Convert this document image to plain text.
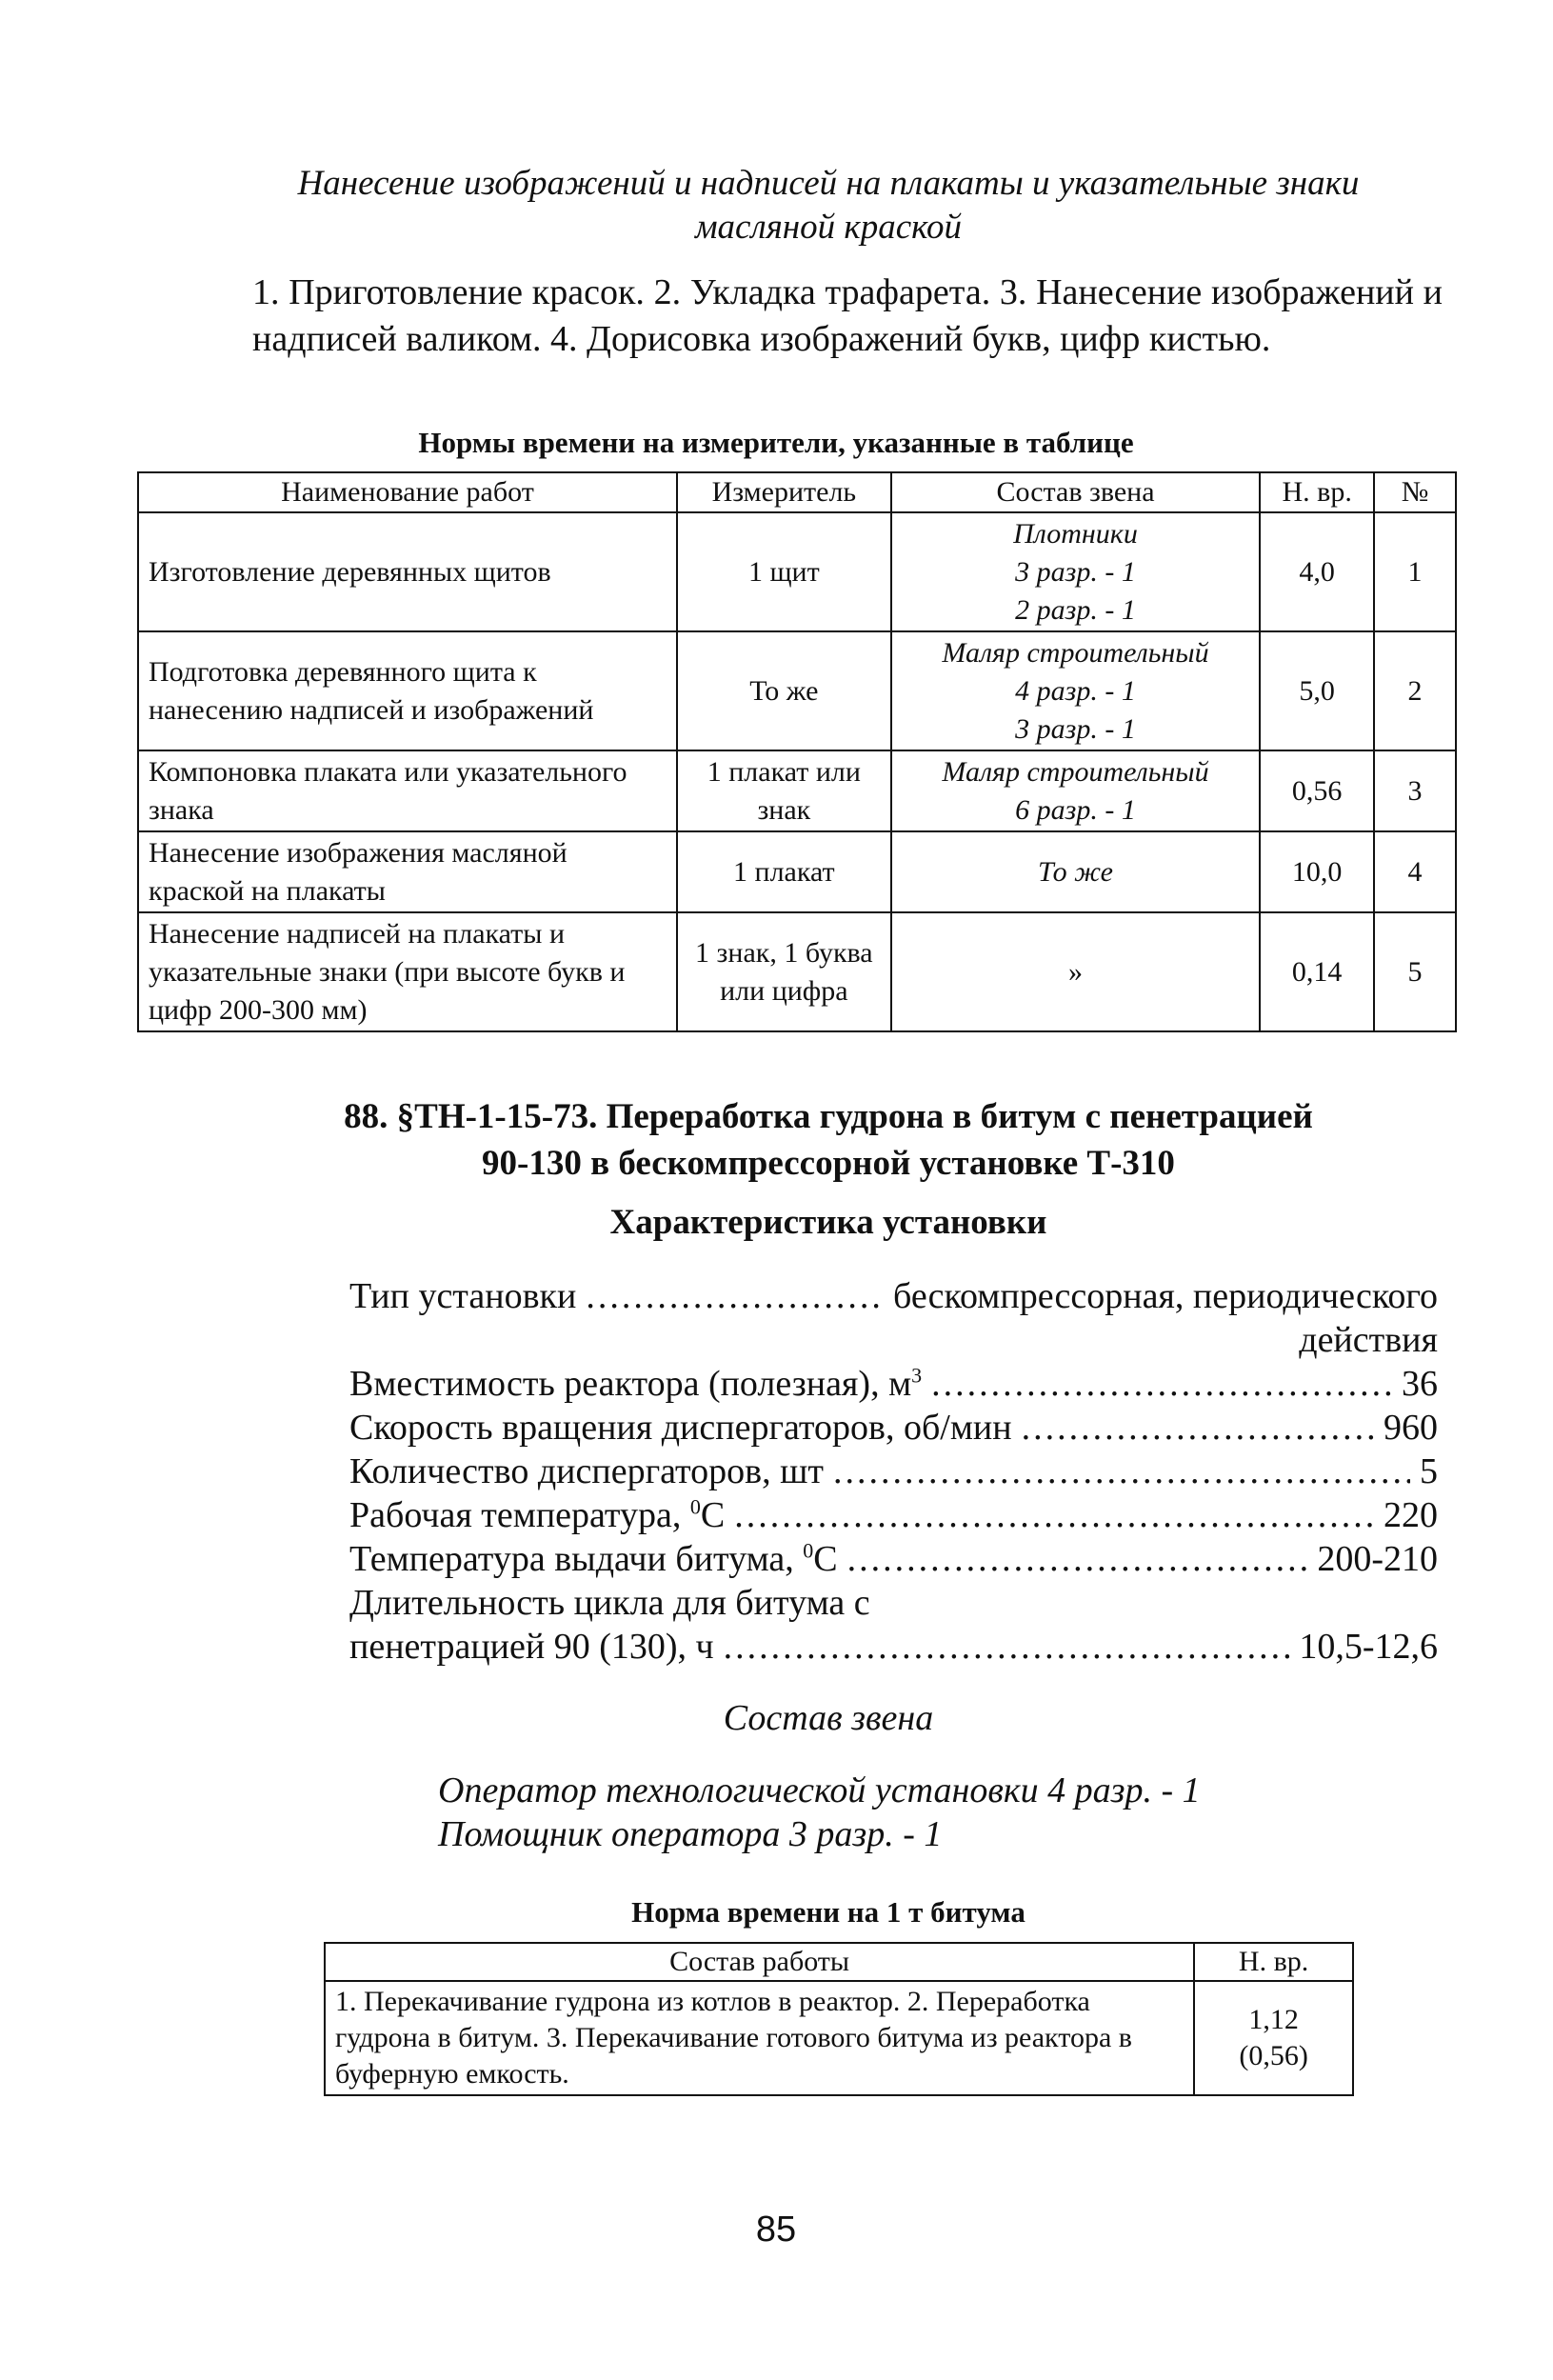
Нанесение изображений и надписей на плакаты и указательные знаки масляной краской
1. Приготовление красок. 2. Укладка трафарета. 3. Нанесение изображений и надписей валиком. 4. Дорисовка изображений букв, цифр кистью.
Нормы времени на измерители, указанные в таблице
Наименование работ	Измеритель	Состав звена	Н. вр.	№
Изготовление деревянных щитов	1 щит	Плотники
3 разр. - 1
2 разр. - 1	4,0	1
Подготовка деревянного щита к нанесению надписей и изображений	То же	Маляр строительный
4 разр. - 1
3 разр. - 1	5,0	2
Компоновка плаката или указательного знака	1 плакат или знак	Маляр строительный
6 разр. - 1	0,56	3
Нанесение изображения масляной краской на плакаты	1 плакат	То же	10,0	4
Нанесение надписей на плакаты и указательные знаки (при высоте букв и цифр 200-300 мм)	1 знак, 1 буква или цифра	»	0,14	5
88. §ТН-1-15-73. Переработка гудрона в битум с пенетрацией
90-130 в бескомпрессорной установке Т-310
Характеристика установки
Тип установки .....	бескомпрессорная, периодического
действия
Вместимость реактора (полезная), $м^3$ .....	36
Скорость вращения диспергаторов, об/мин .....	960
Количество диспергаторов, шт .....	5
Рабочая температура, $^0$С .....	220
Температура выдачи битума, $^0$С .....	200-210
Длительность цикла для битума с
пенетрацией 90 (130), ч .....	10,5-12,6
Состав звена
Оператор технологической установки 4 разр. - 1
Помощник оператора 3 разр. - 1
Норма времени на 1 т битума
Состав работы	Н. вр.
1. Перекачивание гудрона из котлов в реактор. 2. Переработка гудрона в битум. 3. Перекачивание готового битума из реактора в буферную емкость.	1,12
(0,56)
85
